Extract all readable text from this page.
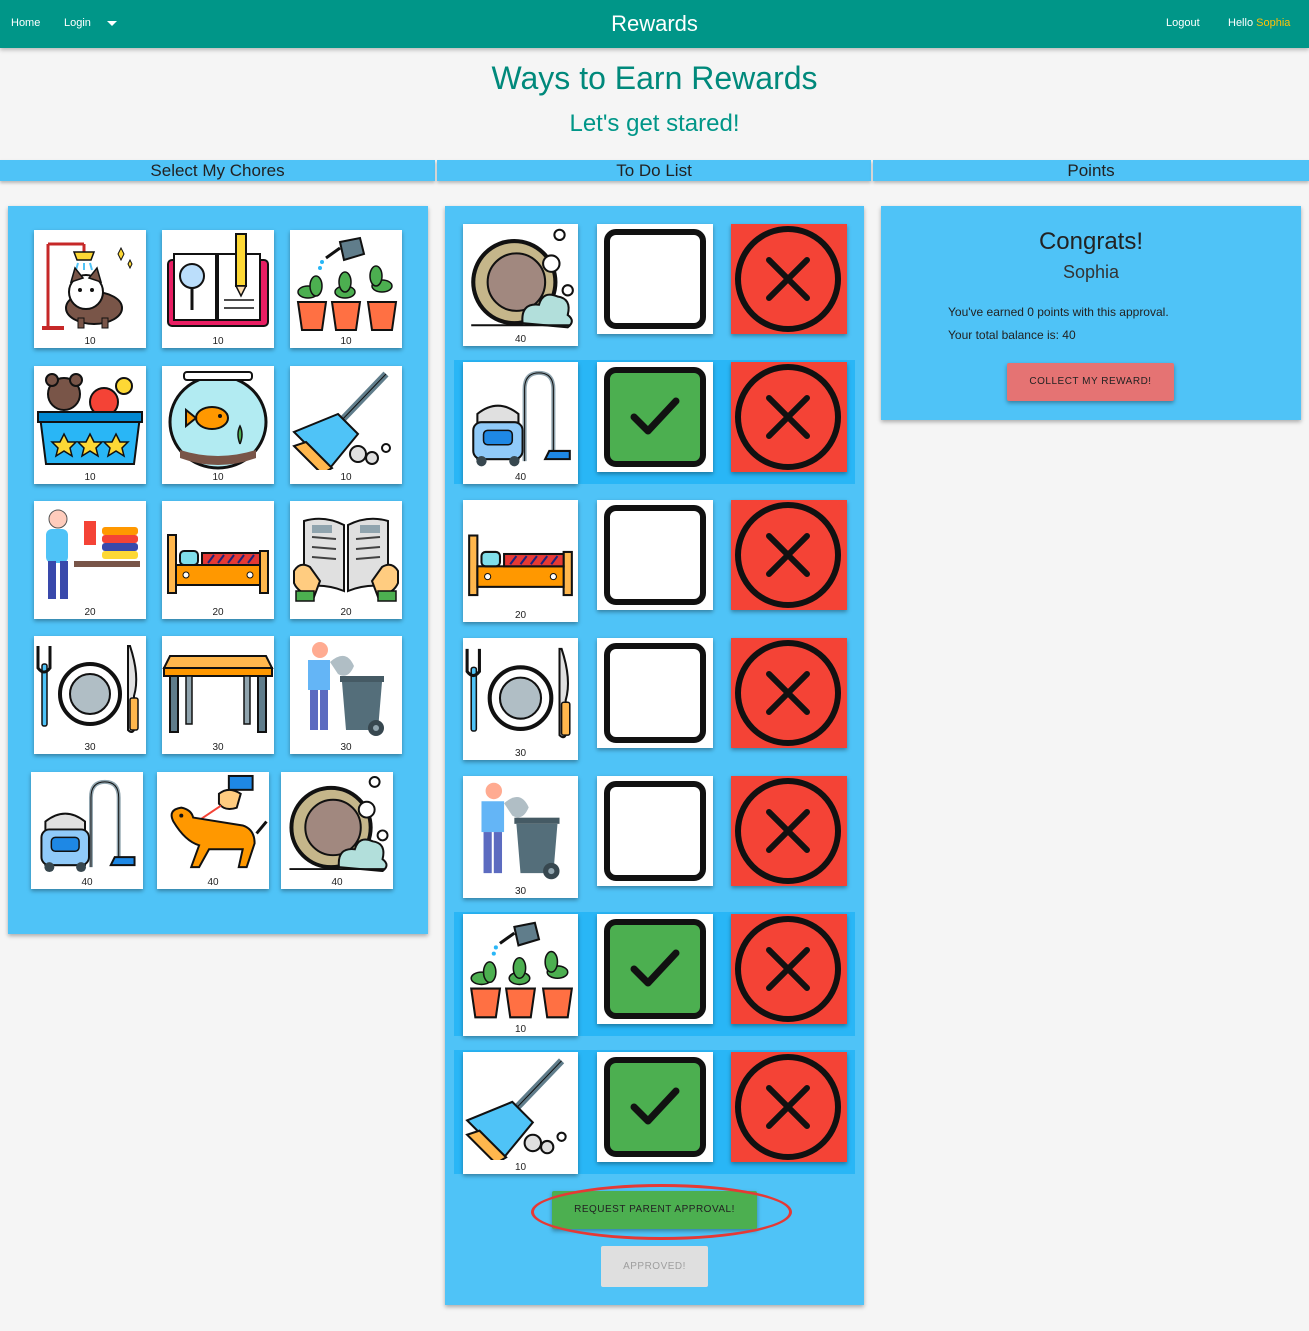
Home Login	Rewards	Logout	Hello Sophia
Ways to Earn Rewards
Let's get stared!
Select My Chores	To Do List	Points
10	10	10
10	10	10
20	20	20
30	30	30
40	40	40
REQUEST PARENT APPROVAL!
APPROVED!
40
40
20
30
30
10
10
Congrats!
Sophia
You've earned 0 points with this approval.
Your total balance is: 40
COLLECT MY REWARD!
